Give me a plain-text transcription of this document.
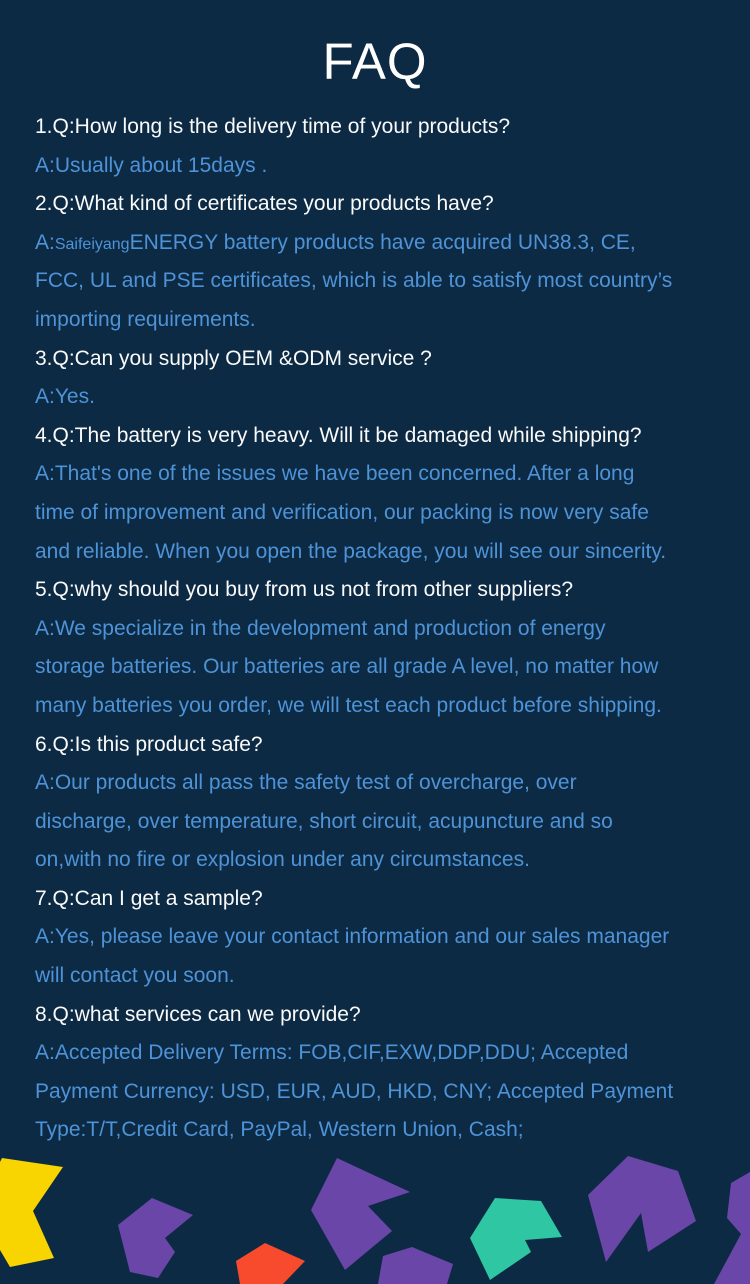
FAQ
1.Q:How long is the delivery time of your products?
A:Usually about 15days .
2.Q:What kind of certificates your products have?
A:SaifeiyangENERGY battery products have acquired UN38.3, CE,
FCC, UL and PSE certificates, which is able to satisfy most country’s
importing requirements.
3.Q:Can you supply OEM &ODM service ?
A:Yes.
4.Q:The battery is very heavy. Will it be damaged while shipping?
A:That's one of the issues we have been concerned. After a long
time of improvement and verification, our packing is now very safe
and reliable. When you open the package, you will see our sincerity.
5.Q:why should you buy from us not from other suppliers?
A:We specialize in the development and production of energy
storage batteries. Our batteries are all grade A level, no matter how
many batteries you order, we will test each product before shipping.
6.Q:Is this product safe?
A:Our products all pass the safety test of overcharge, over
discharge, over temperature, short circuit, acupuncture and so
on,with no fire or explosion under any circumstances.
7.Q:Can I get a sample?
A:Yes, please leave your contact information and our sales manager
will contact you soon.
8.Q:what services can we provide?
A:Accepted Delivery Terms: FOB,CIF,EXW,DDP,DDU; Accepted
Payment Currency: USD, EUR, AUD, HKD, CNY; Accepted Payment
Type:T/T,Credit Card, PayPal, Western Union, Cash;
